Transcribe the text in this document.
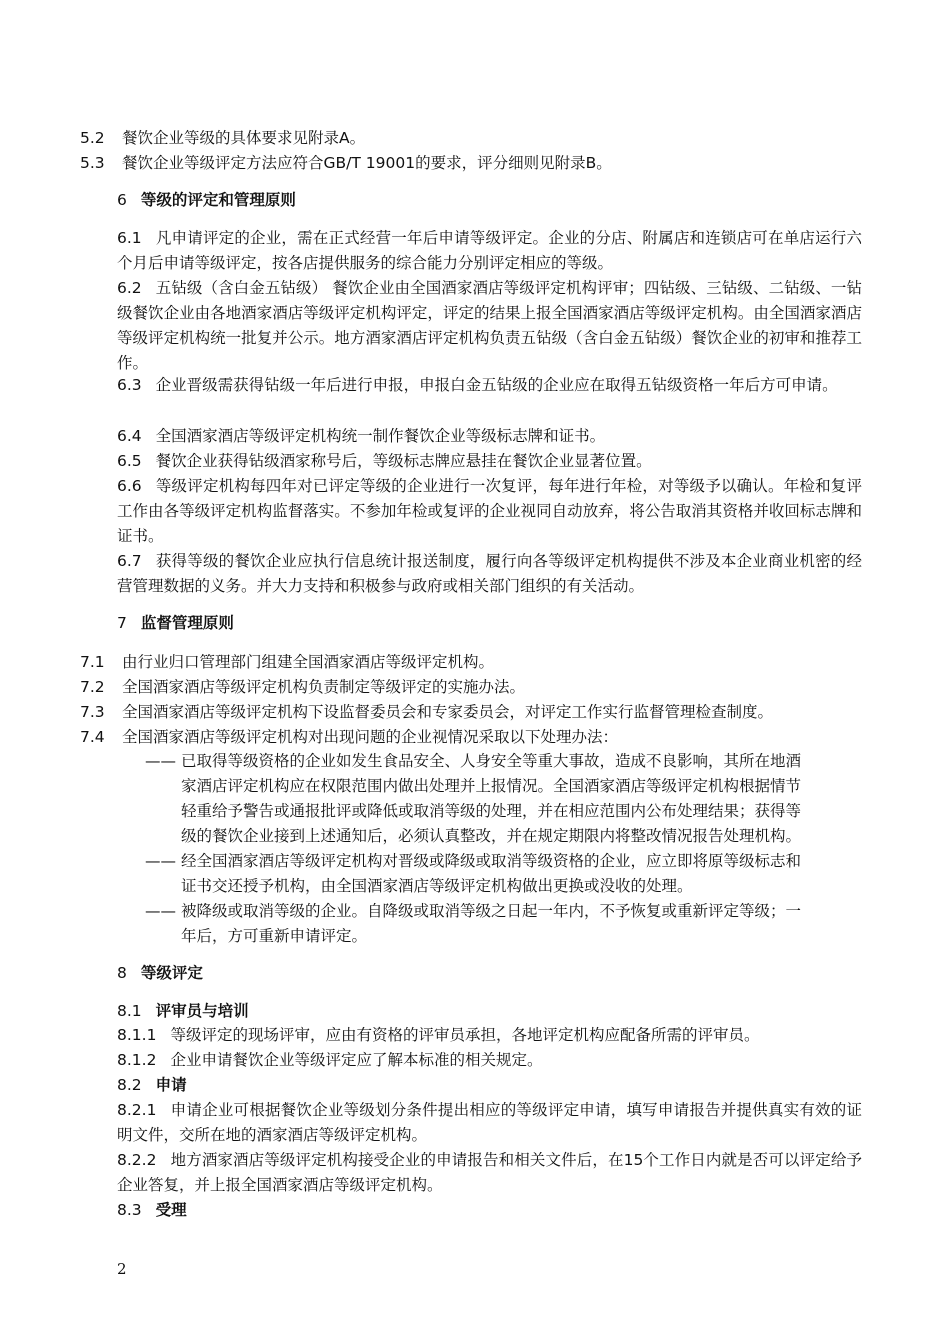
5.2 餐饮企业等级的具体要求见附录A。
5.3 餐饮企业等级评定方法应符合GB/T 19001的要求，评分细则见附录B。
6 等级的评定和管理原则
6.1 凡申请评定的企业，需在正式经营一年后申请等级评定。企业的分店、附属店和连锁店可在单店运行六个月后申请等级评定，按各店提供服务的综合能力分别评定相应的等级。
6.2 五钻级（含白金五钻级） 餐饮企业由全国酒家酒店等级评定机构评审；四钻级、三钻级、二钻级、一钻级餐饮企业由各地酒家酒店等级评定机构评定，评定的结果上报全国酒家酒店等级评定机构。由全国酒家酒店等级评定机构统一批复并公示。地方酒家酒店评定机构负责五钻级（含白金五钻级）餐饮企业的初审和推荐工作。
6.3 企业晋级需获得钻级一年后进行申报，申报白金五钻级的企业应在取得五钻级资格一年后方可申请。
6.4 全国酒家酒店等级评定机构统一制作餐饮企业等级标志牌和证书。
6.5 餐饮企业获得钻级酒家称号后，等级标志牌应悬挂在餐饮企业显著位置。
6.6 等级评定机构每四年对已评定等级的企业进行一次复评，每年进行年检，对等级予以确认。年检和复评工作由各等级评定机构监督落实。不参加年检或复评的企业视同自动放弃，将公告取消其资格并收回标志牌和证书。
6.7 获得等级的餐饮企业应执行信息统计报送制度，履行向各等级评定机构提供不涉及本企业商业机密的经营管理数据的义务。并大力支持和积极参与政府或相关部门组织的有关活动。
7 监督管理原则
7.1 由行业归口管理部门组建全国酒家酒店等级评定机构。
7.2 全国酒家酒店等级评定机构负责制定等级评定的实施办法。
7.3 全国酒家酒店等级评定机构下设监督委员会和专家委员会，对评定工作实行监督管理检查制度。
7.4 全国酒家酒店等级评定机构对出现问题的企业视情况采取以下处理办法：
—— 已取得等级资格的企业如发生食品安全、人身安全等重大事故，造成不良影响，其所在地酒
家酒店评定机构应在权限范围内做出处理并上报情况。全国酒家酒店等级评定机构根据情节
轻重给予警告或通报批评或降低或取消等级的处理，并在相应范围内公布处理结果；获得等
级的餐饮企业接到上述通知后，必须认真整改，并在规定期限内将整改情况报告处理机构。
—— 经全国酒家酒店等级评定机构对晋级或降级或取消等级资格的企业，应立即将原等级标志和
证书交还授予机构，由全国酒家酒店等级评定机构做出更换或没收的处理。
—— 被降级或取消等级的企业。自降级或取消等级之日起一年内，不予恢复或重新评定等级；一
年后，方可重新申请评定。
8 等级评定
8.1 评审员与培训
8.1.1 等级评定的现场评审，应由有资格的评审员承担，各地评定机构应配备所需的评审员。
8.1.2 企业申请餐饮企业等级评定应了解本标准的相关规定。
8.2 申请
8.2.1 申请企业可根据餐饮企业等级划分条件提出相应的等级评定申请，填写申请报告并提供真实有效的证明文件，交所在地的酒家酒店等级评定机构。
8.2.2 地方酒家酒店等级评定机构接受企业的申请报告和相关文件后，在15个工作日内就是否可以评定给予企业答复，并上报全国酒家酒店等级评定机构。
8.3 受理
2
